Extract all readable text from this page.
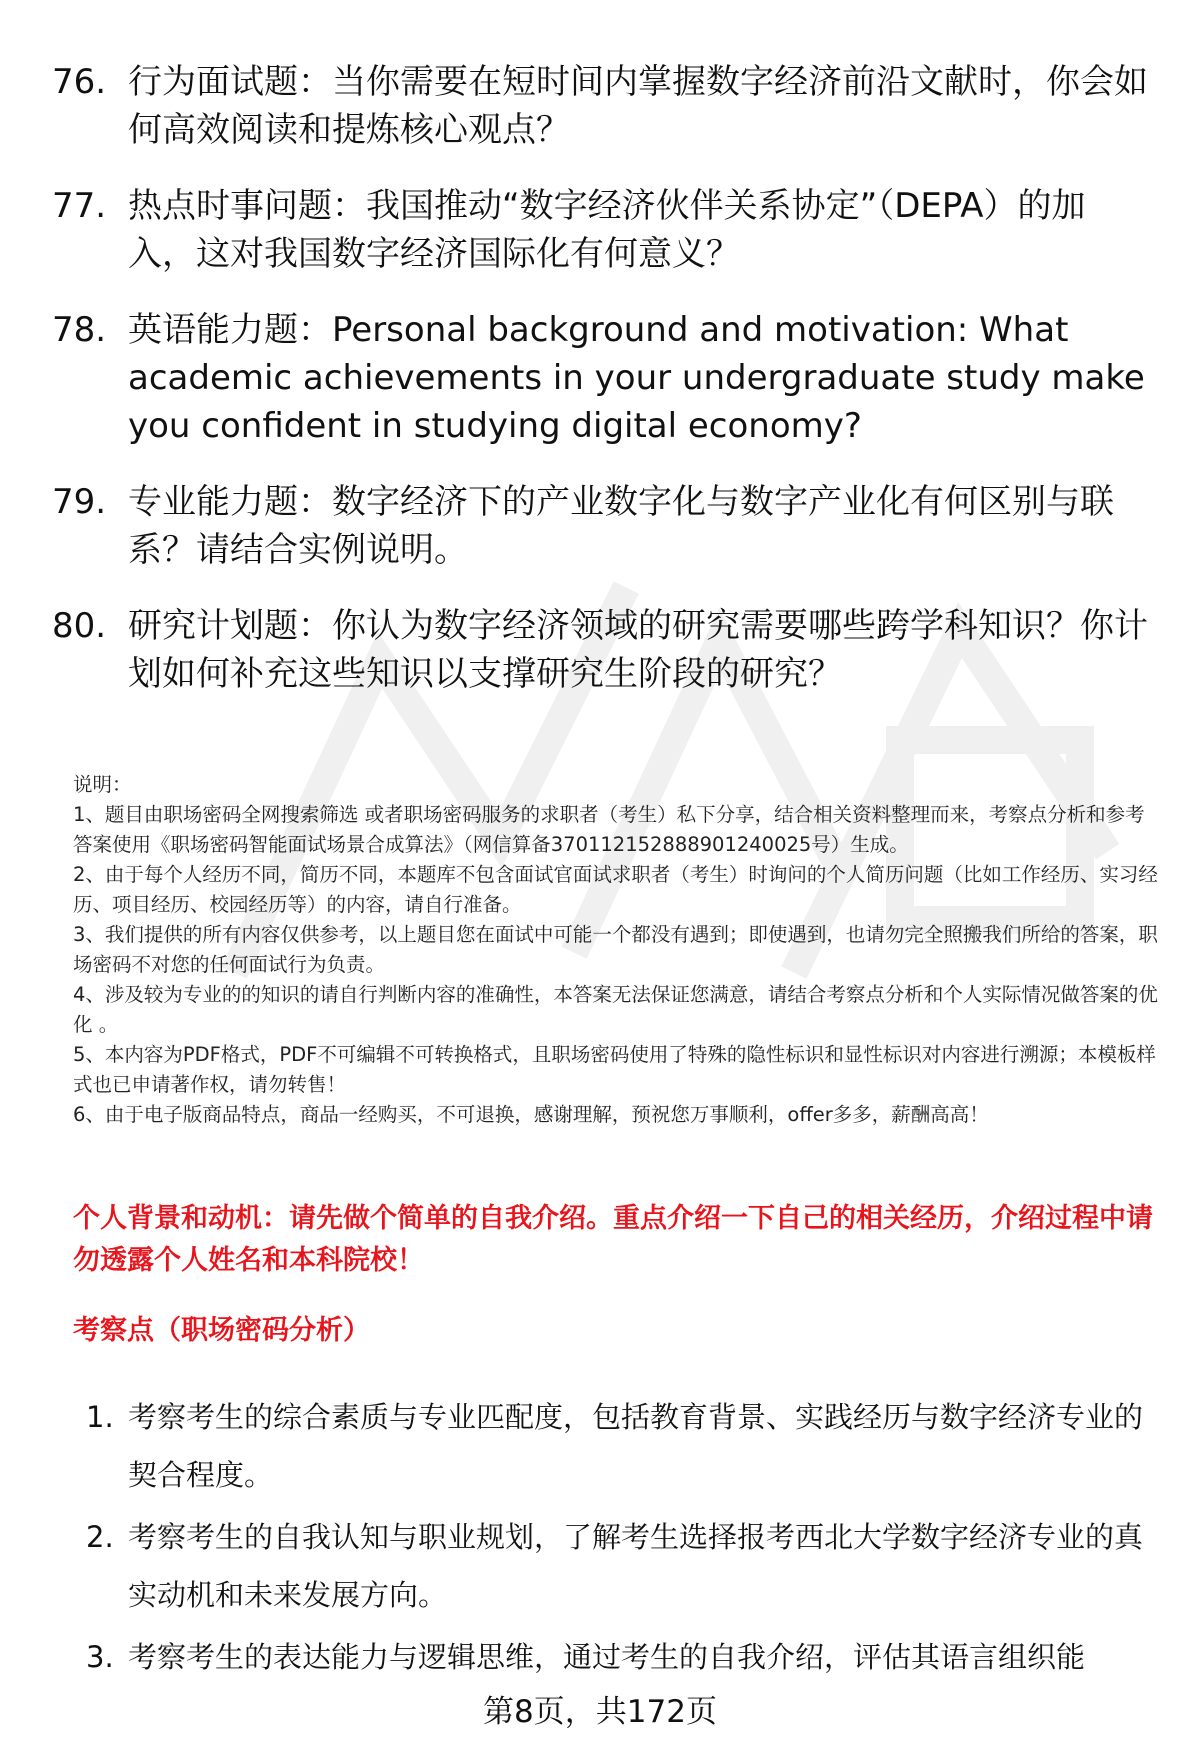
76. 行为面试题：当你需要在短时间内掌握数字经济前沿文献时，你会如何高效阅读和提炼核心观点？
77. 热点时事问题：我国推动“数字经济伙伴关系协定”（DEPA）的加入，这对我国数字经济国际化有何意义？
78. 英语能力题：Personal background and motivation: What academic achievements in your undergraduate study make you confident in studying digital economy?
79. 专业能力题：数字经济下的产业数字化与数字产业化有何区别与联系？请结合实例说明。
80. 研究计划题：你认为数字经济领域的研究需要哪些跨学科知识？你计划如何补充这些知识以支撑研究生阶段的研究？

说明：

1、题目由职场密码全网搜索筛选 或者职场密码服务的求职者（考生）私下分享，结合相关资料整理而来，考察点分析和参考答案使用《职场密码智能面试场景合成算法》（网信算备370112152888901240025号）生成。

2、由于每个人经历不同，简历不同，本题库不包含面试官面试求职者（考生）时询问的个人简历问题（比如工作经历、实习经历、项目经历、校园经历等）的内容，请自行准备。

3、我们提供的所有内容仅供参考，以上题目您在面试中可能一个都没有遇到；即使遇到，也请勿完全照搬我们所给的答案，职场密码不对您的任何面试行为负责。

4、涉及较为专业的的知识的请自行判断内容的准确性，本答案无法保证您满意，请结合考察点分析和个人实际情况做答案的优化 。

5、本内容为PDF格式，PDF不可编辑不可转换格式，且职场密码使用了特殊的隐性标识和显性标识对内容进行溯源；本模板样式也已申请著作权，请勿转售！

6、由于电子版商品特点，商品一经购买，不可退换，感谢理解，预祝您万事顺利，offer多多，薪酬高高！

个人背景和动机：请先做个简单的自我介绍。重点介绍一下自己的相关经历，介绍过程中请勿透露个人姓名和本科院校！
考察点（职场密码分析）
1. 考察考生的综合素质与专业匹配度，包括教育背景、实践经历与数字经济专业的契合程度。
2. 考察考生的自我认知与职业规划，了解考生选择报考西北大学数字经济专业的真实动机和未来发展方向。
3. 考察考生的表达能力与逻辑思维，通过考生的自我介绍，评估其语言组织能
第8页，共172页
